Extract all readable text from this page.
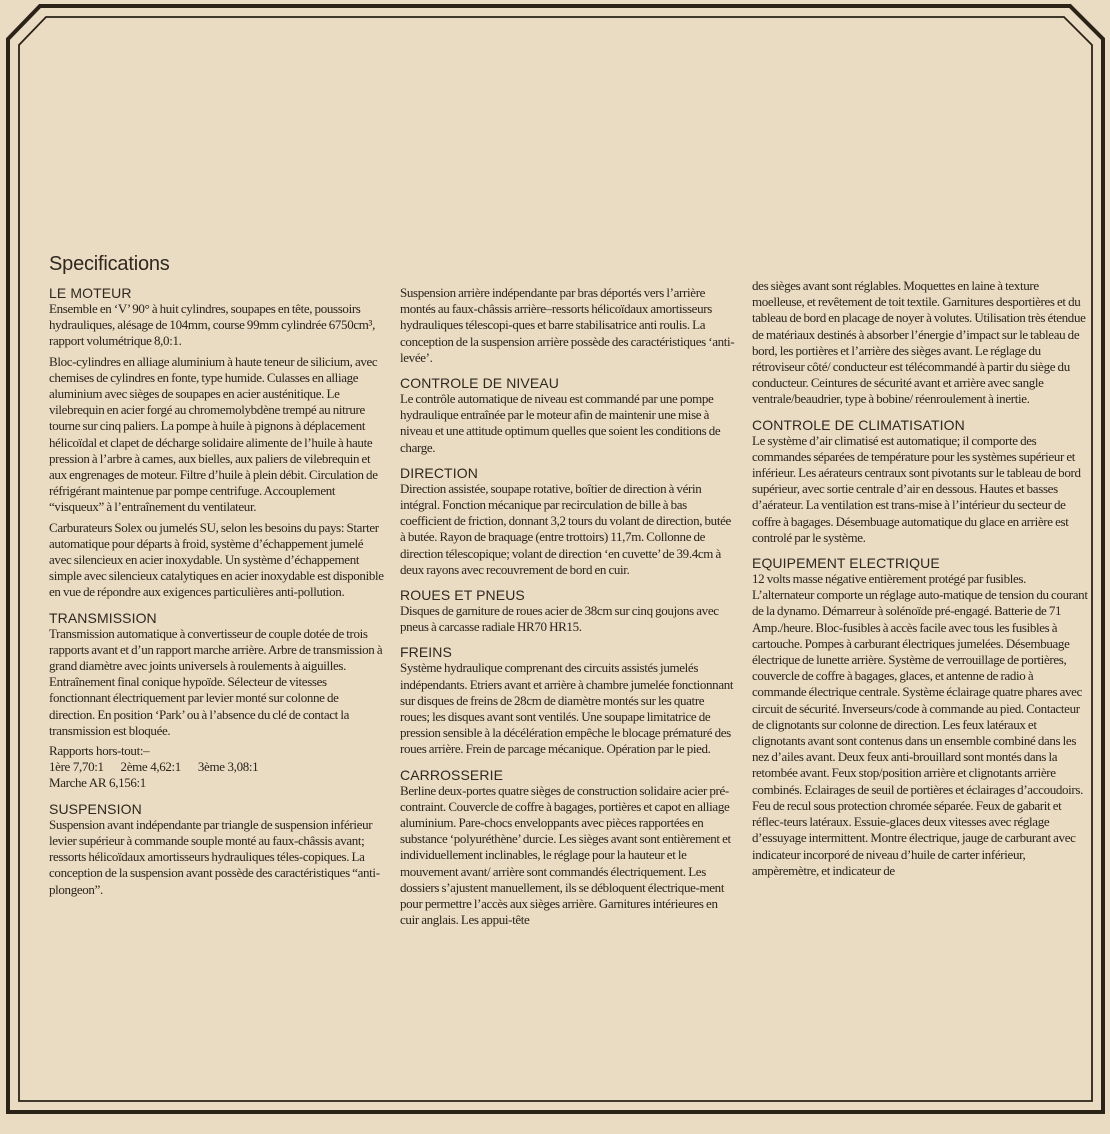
Specifications
LE MOTEUR

Ensemble en ‘V’ 90° à huit cylindres, soupapes en tête, poussoirs hydrauliques, alésage de 104mm, course 99mm cylindrée 6750cm³, rapport volumétrique 8,0:1.

Bloc-cylindres en alliage aluminium à haute teneur de silicium, avec chemises de cylindres en fonte, type humide. Culasses en alliage aluminium avec sièges de soupapes en acier austénitique. Le vilebrequin en acier forgé au chromemolybdène trempé au nitrure tourne sur cinq paliers. La pompe à huile à pignons à déplacement hélicoïdal et clapet de décharge solidaire alimente de l’huile à haute pression à l’arbre à cames, aux bielles, aux paliers de vilebrequin et aux engrenages de moteur. Filtre d’huile à plein débit. Circulation de réfrigérant maintenue par pompe centrifuge. Accouplement “visqueux” à l’entraînement du ventilateur.

Carburateurs Solex ou jumelés SU, selon les besoins du pays: Starter automatique pour départs à froid, système d’échappement jumelé avec silencieux en acier inoxydable. Un système d’échappement simple avec silencieux catalytiques en acier inoxydable est disponible en vue de répondre aux exigences particulières anti-pollution.

TRANSMISSION

Transmission automatique à convertisseur de couple dotée de trois rapports avant et d’un rapport marche arrière. Arbre de transmission à grand diamètre avec joints universels à roulements à aiguilles. Entraînement final conique hypoïde. Sélecteur de vitesses fonctionnant électriquement par levier monté sur colonne de direction. En position ‘Park’ ou à l’absence du clé de contact la transmission est bloquée.

Rapports hors-tout:–
1ère 7,70:1 2ème 4,62:1 3ème 3,08:1
Marche AR 6,156:1
SUSPENSION

Suspension avant indépendante par triangle de suspension inférieur levier supérieur à commande souple monté au faux-châssis avant; ressorts hélicoïdaux amortisseurs hydrauliques téles-copiques. La conception de la suspension avant possède des caractéristiques “anti-plongeon”.

Suspension arrière indépendante par bras déportés vers l’arrière montés au faux-châssis arrière–ressorts hélicoïdaux amortisseurs hydrauliques télescopi-ques et barre stabilisatrice anti roulis. La conception de la suspension arrière possède des caractéristiques ‘anti-levée’.

CONTROLE DE NIVEAU

Le contrôle automatique de niveau est commandé par une pompe hydraulique entraînée par le moteur afin de maintenir une mise à niveau et une attitude optimum quelles que soient les conditions de charge.

DIRECTION

Direction assistée, soupape rotative, boîtier de direction à vérin intégral. Fonction mécanique par recirculation de bille à bas coefficient de friction, donnant 3,2 tours du volant de direction, butée à butée. Rayon de braquage (entre trottoirs) 11,7m. Collonne de direction télescopique; volant de direction ‘en cuvette’ de 39.4cm à deux rayons avec recouvrement de bord en cuir.

ROUES ET PNEUS

Disques de garniture de roues acier de 38cm sur cinq goujons avec pneus à carcasse radiale HR70 HR15.

FREINS

Système hydraulique comprenant des circuits assistés jumelés indépendants. Etriers avant et arrière à chambre jumelée fonctionnant sur disques de freins de 28cm de diamètre montés sur les quatre roues; les disques avant sont ventilés. Une soupape limitatrice de pression sensible à la décélération empêche le blocage prématuré des roues arrière. Frein de parcage mécanique. Opération par le pied.

CARROSSERIE

Berline deux-portes quatre sièges de construction solidaire acier pré-contraint. Couvercle de coffre à bagages, portières et capot en alliage aluminium. Pare-chocs enveloppants avec pièces rapportées en substance ‘polyuréthène’ durcie. Les sièges avant sont entièrement et individuellement inclinables, le réglage pour la hauteur et le mouvement avant/ arrière sont commandés électriquement. Les dossiers s’ajustent manuellement, ils se débloquent électrique-ment pour permettre l’accès aux sièges arrière. Garnitures intérieures en cuir anglais. Les appui-tête

des sièges avant sont réglables. Moquettes en laine à texture moelleuse, et revêtement de toit textile. Garnitures desportières et du tableau de bord en placage de noyer à volutes. Utilisation très étendue de matériaux destinés à absorber l’énergie d’impact sur le tableau de bord, les portières et l’arrière des sièges avant. Le réglage du rétroviseur côté/ conducteur est télécommandé à partir du siège du conducteur. Ceintures de sécurité avant et arrière avec sangle ventrale/beaudrier, type à bobine/ réenroulement à inertie.

CONTROLE DE CLIMATISATION

Le système d’air climatisé est automatique; il comporte des commandes séparées de température pour les systèmes supérieur et inférieur. Les aérateurs centraux sont pivotants sur le tableau de bord supérieur, avec sortie centrale d’air en dessous. Hautes et basses d’aérateur. La ventilation est trans-mise à l’intérieur du secteur de coffre à bagages. Désembuage automatique du glace en arrière est controlé par le système.

EQUIPEMENT ELECTRIQUE

12 volts masse négative entièrement protégé par fusibles. L’alternateur comporte un réglage auto-matique de tension du courant de la dynamo. Démarreur à solénoïde pré-engagé. Batterie de 71 Amp./heure. Bloc-fusibles à accès facile avec tous les fusibles à cartouche. Pompes à carburant électriques jumelées. Désembuage électrique de lunette arrière. Système de verrouillage de portières, couvercle de coffre à bagages, glaces, et antenne de radio à commande électrique centrale. Système éclairage quatre phares avec circuit de sécurité. Inverseurs/code à commande au pied. Contacteur de clignotants sur colonne de direction. Les feux latéraux et clignotants avant sont contenus dans un ensemble combiné dans les nez d’ailes avant. Deux feux anti-brouillard sont montés dans la retombée avant. Feux stop/position arrière et clignotants arrière combinés. Eclairages de seuil de portières et éclairages d’accoudoirs. Feu de recul sous protection chromée séparée. Feux de gabarit et réflec-teurs latéraux. Essuie-glaces deux vitesses avec réglage d’essuyage intermittent. Montre électrique, jauge de carburant avec indicateur incorporé de niveau d’huile de carter inférieur, ampèremètre, et indicateur de
